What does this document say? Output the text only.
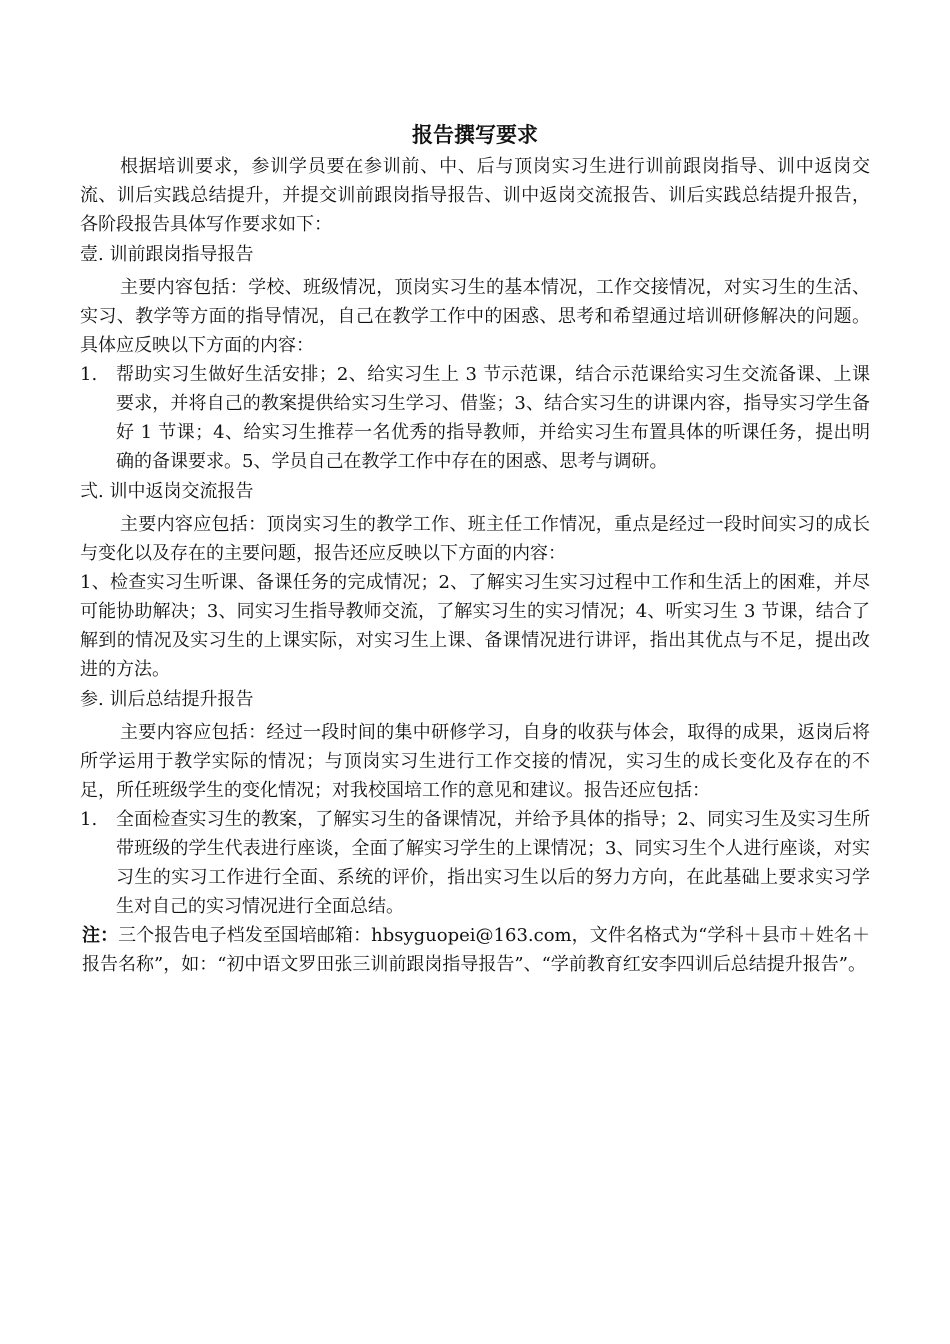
报告撰写要求

根据培训要求，参训学员要在参训前、中、后与顶岗实习生进行训前跟岗指导、训中返岗交流、训后实践总结提升，并提交训前跟岗指导报告、训中返岗交流报告、训后实践总结提升报告，各阶段报告具体写作要求如下：

壹. 训前跟岗指导报告

主要内容包括：学校、班级情况，顶岗实习生的基本情况，工作交接情况，对实习生的生活、实习、教学等方面的指导情况，自己在教学工作中的困惑、思考和希望通过培训研修解决的问题。具体应反映以下方面的内容：

1. 帮助实习生做好生活安排；2、给实习生上 3 节示范课，结合示范课给实习生交流备课、上课要求，并将自己的教案提供给实习生学习、借鉴；3、结合实习生的讲课内容，指导实习学生备好 1 节课；4、给实习生推荐一名优秀的指导教师，并给实习生布置具体的听课任务，提出明确的备课要求。5、学员自己在教学工作中存在的困惑、思考与调研。

弍. 训中返岗交流报告

主要内容应包括：顶岗实习生的教学工作、班主任工作情况，重点是经过一段时间实习的成长与变化以及存在的主要问题，报告还应反映以下方面的内容：

1、检查实习生听课、备课任务的完成情况；2、了解实习生实习过程中工作和生活上的困难，并尽可能协助解决；3、同实习生指导教师交流，了解实习生的实习情况；4、听实习生 3 节课，结合了解到的情况及实习生的上课实际，对实习生上课、备课情况进行讲评，指出其优点与不足，提出改进的方法。

参. 训后总结提升报告

主要内容应包括：经过一段时间的集中研修学习，自身的收获与体会，取得的成果，返岗后将所学运用于教学实际的情况；与顶岗实习生进行工作交接的情况，实习生的成长变化及存在的不足，所任班级学生的变化情况；对我校国培工作的意见和建议。报告还应包括：

1. 全面检查实习生的教案，了解实习生的备课情况，并给予具体的指导；2、同实习生及实习生所带班级的学生代表进行座谈，全面了解实习学生的上课情况；3、同实习生个人进行座谈，对实习生的实习工作进行全面、系统的评价，指出实习生以后的努力方向，在此基础上要求实习学生对自己的实习情况进行全面总结。

注：三个报告电子档发至国培邮箱：hbsyguopei@163.com，文件名格式为“学科＋县市＋姓名＋报告名称”，如：“初中语文罗田张三训前跟岗指导报告”、“学前教育红安李四训后总结提升报告”。
